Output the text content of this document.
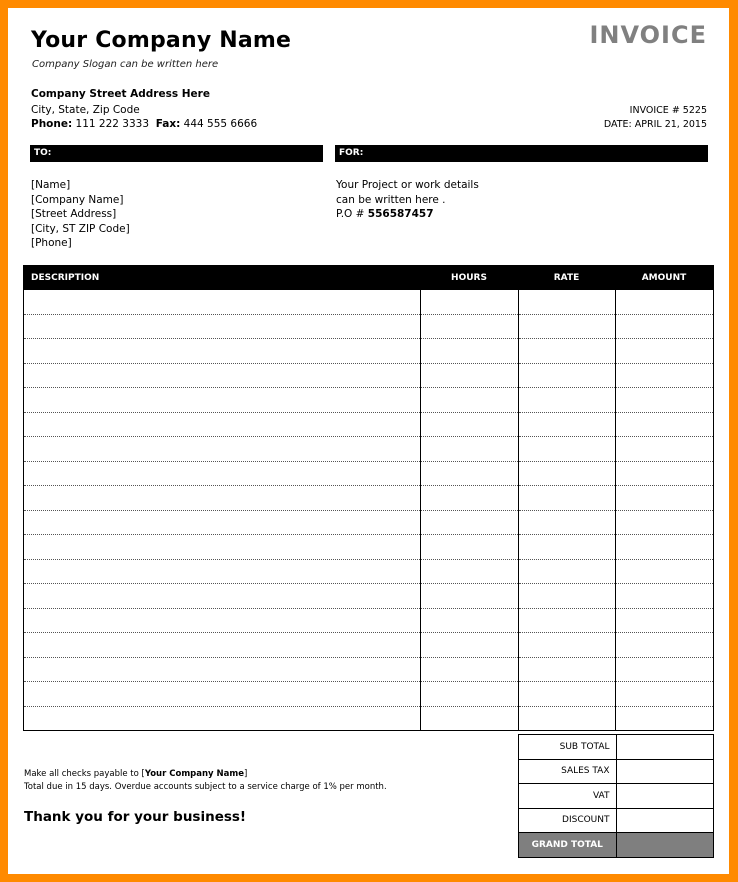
Your Company Name
Company Slogan can be written here
INVOICE
Company Street Address Here
City, State, Zip Code
Phone: 111 222 3333 Fax: 444 555 6666
INVOICE # 5225
DATE: APRIL 21, 2015
TO:	FOR:
[Name]
[Company Name]
[Street Address]
[City, ST ZIP Code]
[Phone]
Your Project or work details
can be written here .
P.O # 556587457
DESCRIPTION	HOURS	RATE	AMOUNT

SUB TOTAL	
SALES TAX	
VAT	
DISCOUNT	
GRAND TOTAL	
Make all checks payable to [Your Company Name]
Total due in 15 days. Overdue accounts subject to a service charge of 1% per month.
Thank you for your business!
